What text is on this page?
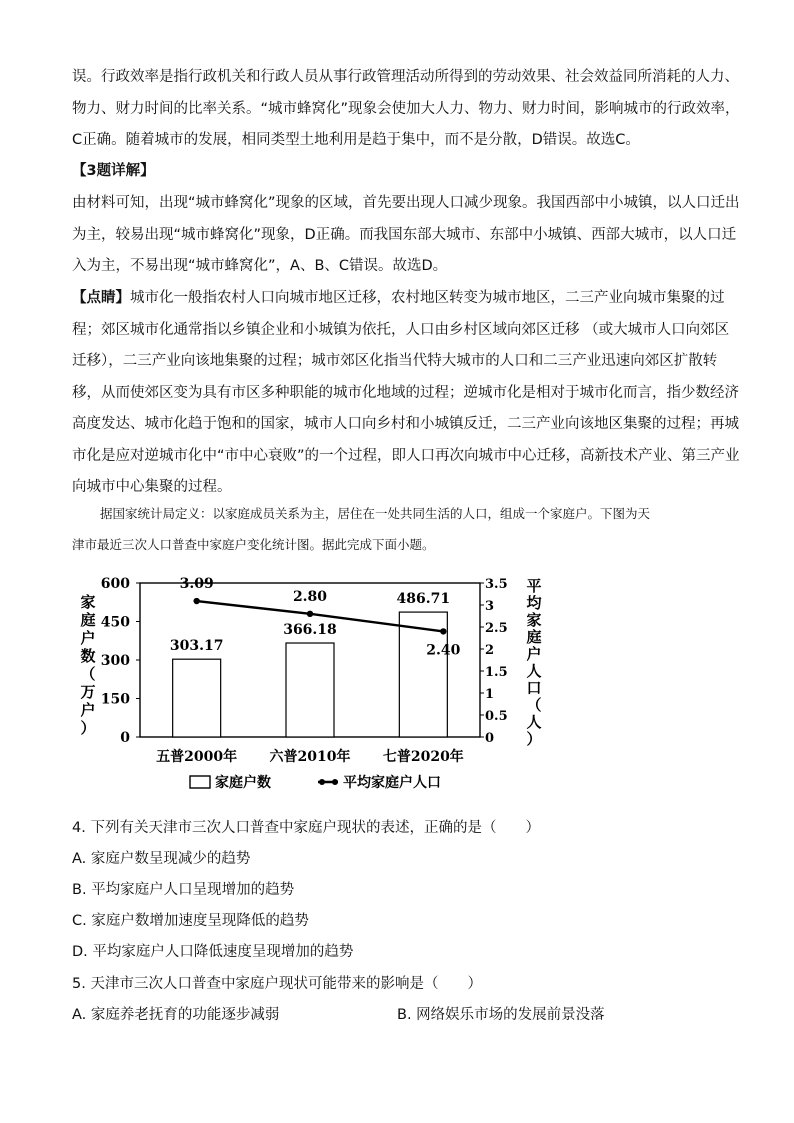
误。行政效率是指行政机关和行政人员从事行政管理活动所得到的劳动效果、社会效益同所消耗的人力、
物力、财力时间的比率关系。“城市蜂窝化”现象会使加大人力、物力、财力时间，影响城市的行政效率，
C正确。随着城市的发展，相同类型土地利用是趋于集中，而不是分散，D错误。故选C。
【3题详解】
由材料可知，出现“城市蜂窝化”现象的区域，首先要出现人口减少现象。我国西部中小城镇，以人口迁出
为主，较易出现“城市蜂窝化”现象，D正确。而我国东部大城市、东部中小城镇、西部大城市，以人口迁
入为主，不易出现“城市蜂窝化”，A、B、C错误。故选D。
【点睛】城市化一般指农村人口向城市地区迁移，农村地区转变为城市地区，二三产业向城市集聚的过
程；郊区城市化通常指以乡镇企业和小城镇为依托，人口由乡村区域向郊区迁移 （或大城市人口向郊区
迁移），二三产业向该地集聚的过程；城市郊区化指当代特大城市的人口和二三产业迅速向郊区扩散转
移，从而使郊区变为具有市区多种职能的城市化地域的过程；逆城市化是相对于城市化而言，指少数经济
高度发达、城市化趋于饱和的国家，城市人口向乡村和小城镇反迁，二三产业向该地区集聚的过程；再城
市化是应对逆城市化中“市中心衰败”的一个过程，即人口再次向城市中心迁移，高新技术产业、第三产业
向城市中心集聚的过程。
据国家统计局定义：以家庭成员关系为主，居住在一处共同生活的人口，组成一个家庭户。下图为天
津市最近三次人口普查中家庭户变化统计图。据此完成下面小题。
0
150
300
450
600
0
0.5
1
1.5
2
2.5
3
3.5
家
庭
户
数
（
万
户
）
平
均
家
庭
户
人
口
（
人
）
303.17
五普2000年
366.18
六普2010年
486.71
七普2020年
3.09
2.80
2.40
家庭户数	平均家庭户人口
4. 下列有关天津市三次人口普查中家庭户现状的表述，正确的是（　　）
A. 家庭户数呈现减少的趋势
B. 平均家庭户人口呈现增加的趋势
C. 家庭户数增加速度呈现降低的趋势
D. 平均家庭户人口降低速度呈现增加的趋势
5. 天津市三次人口普查中家庭户现状可能带来的影响是（　　）
A. 家庭养老抚育的功能逐步减弱	B. 网络娱乐市场的发展前景没落
